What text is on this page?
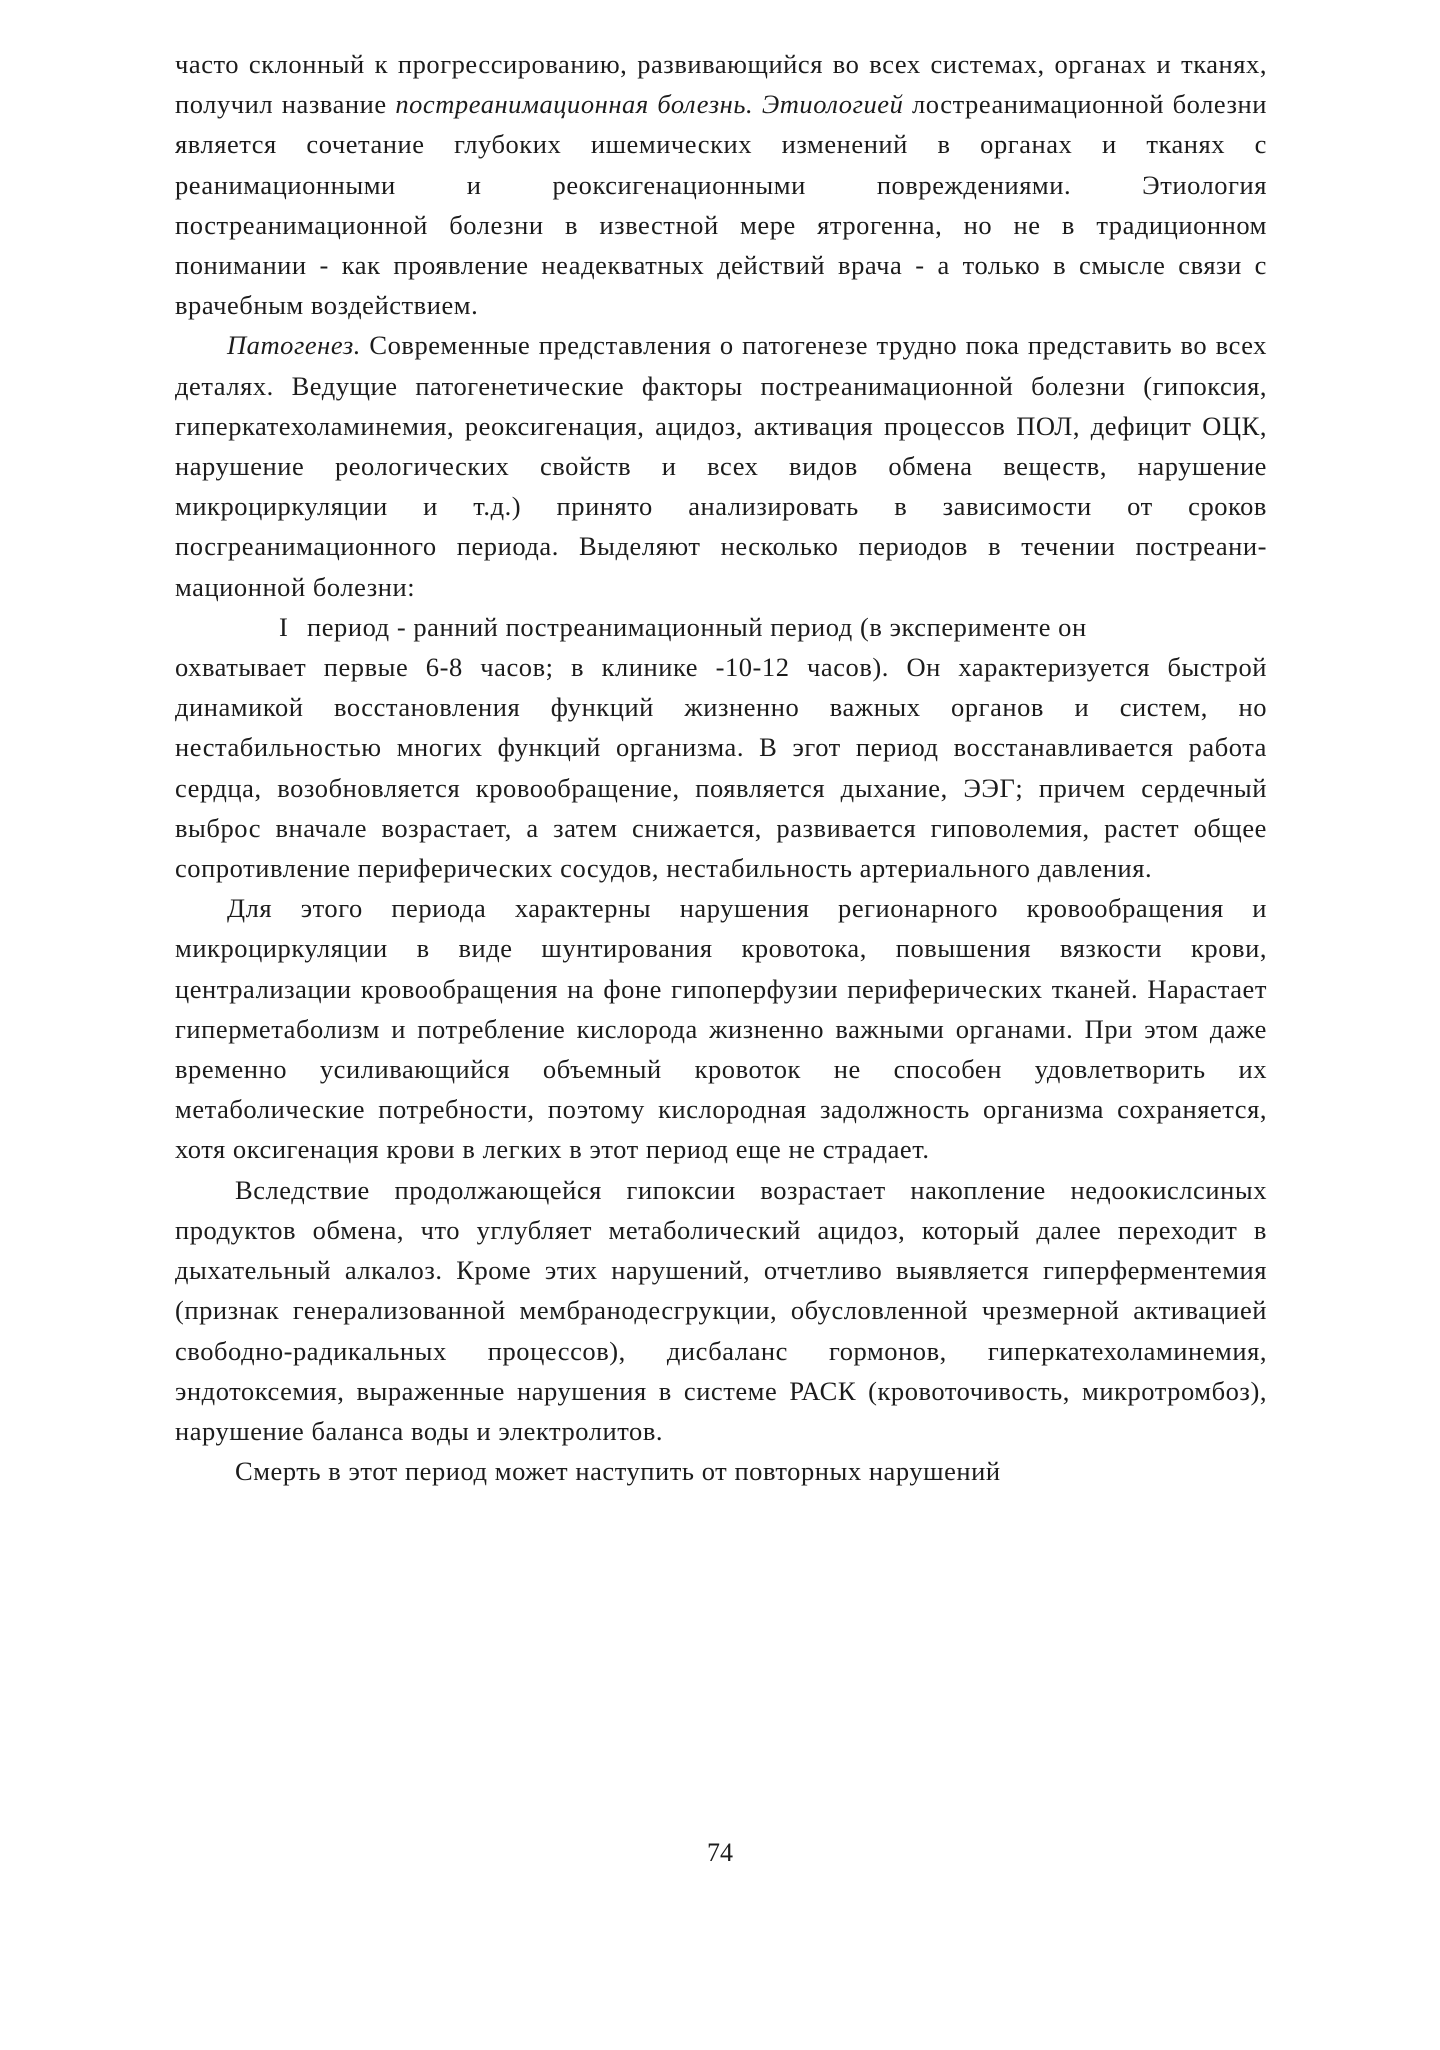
часто склонный к прогрессированию, развивающийся во всех системах, органах и тканях, получил название постреанимационная болезнь. Этиологией лостреанимационной болезни является сочетание глубоких ишемических изменений в органах и тканях с реанимационными и реоксигенационными повреждениями. Этиология постреанимационной болезни в известной мере ятрогенна, но не в традиционном понимании - как проявление неадекватных действий врача - а только в смысле связи с врачебным воздействием.

Патогенез. Современные представления о патогенезе трудно пока представить во всех деталях. Ведущие патогенетические факторы постреанимационной болезни (гипоксия, гиперкатехоламинемия, реоксигенация, ацидоз, активация процессов ПОЛ, дефицит ОЦК, нарушение реологических свойств и всех видов обмена веществ, нарушение микроциркуляции и т.д.) принято анализировать в зависимости от сроков посгреанимационного периода. Выделяют несколько периодов в течении постреани-мационной болезни:

I период - ранний постреанимационный период (в эксперименте он

охватывает первые 6-8 часов; в клинике -10-12 часов). Он характеризуется быстрой динамикой восстановления функций жизненно важных органов и систем, но нестабильностью многих функций организма. В эгот период восстанавливается работа сердца, возобновляется кровообращение, появляется дыхание, ЭЭГ; причем сердечный выброс вначале возрастает, а затем снижается, развивается гиповолемия, растет общее сопротивление периферических сосудов, нестабильность артериального давления.

Для этого периода характерны нарушения регионарного кровообращения и микроциркуляции в виде шунтирования кровотока, повышения вязкости крови, централизации кровообращения на фоне гипоперфузии периферических тканей. Нарастает гиперметаболизм и потребление кислорода жизненно важными органами. При этом даже временно усиливающийся объемный кровоток не способен удовлетворить их метаболические потребности, поэтому кислородная задолжность организма сохраняется, хотя оксигенация крови в легких в этот период еще не страдает.

Вследствие продолжающейся гипоксии возрастает накопление недоокислсиных продуктов обмена, что углубляет метаболический ацидоз, который далее переходит в дыхательный алкалоз. Кроме этих нарушений, отчетливо выявляется гиперферментемия (признак генерализованной мембранодесгрукции, обусловленной чрезмерной активацией свободно-радикальных процессов), дисбаланс гормонов, гиперкатехоламинемия, эндотоксемия, выраженные нарушения в системе РАСК (кровоточивость, микротромбоз), нарушение баланса воды и электролитов.

Смерть в этот период может наступить от повторных нарушений

74
